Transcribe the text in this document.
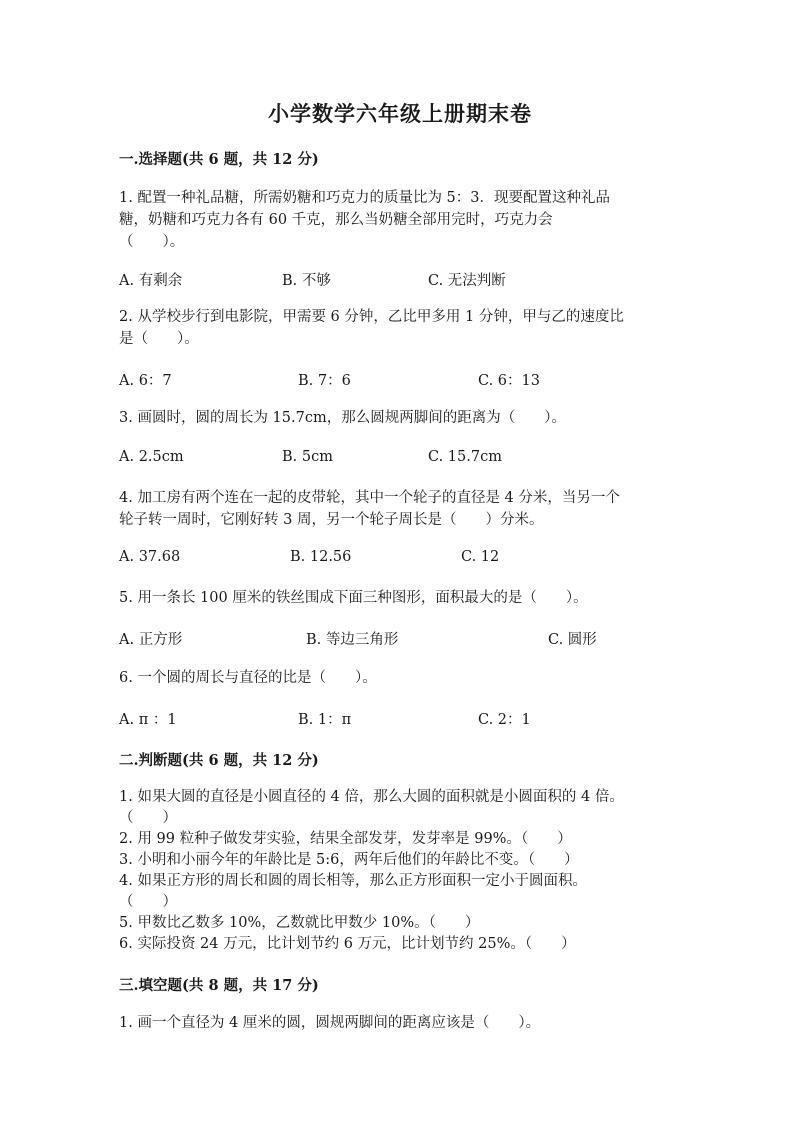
小学数学六年级上册期末卷
一.选择题(共 6 题，共 12 分)
1. 配置一种礼品糖，所需奶糖和巧克力的质量比为 5：3．现要配置这种礼品
糖，奶糖和巧克力各有 60 千克，那么当奶糖全部用完时，巧克力会
（　　）。
A. 有剩余	B. 不够	C. 无法判断
2. 从学校步行到电影院，甲需要 6 分钟，乙比甲多用 1 分钟，甲与乙的速度比
是（　　）。
A. 6：7	B. 7：6	C. 6：13
3. 画圆时，圆的周长为 15.7cm，那么圆规两脚间的距离为（　　）。
A. 2.5cm	B. 5cm	C. 15.7cm
4. 加工房有两个连在一起的皮带轮，其中一个轮子的直径是 4 分米，当另一个
轮子转一周时，它刚好转 3 周，另一个轮子周长是（　　）分米。
A. 37.68	B. 12.56	C. 12
5. 用一条长 100 厘米的铁丝围成下面三种图形，面积最大的是（　　）。
A. 正方形	B. 等边三角形	C. 圆形
6. 一个圆的周长与直径的比是（　　）。
A. π ：1	B. 1：π	C. 2：1
二.判断题(共 6 题，共 12 分)
1. 如果大圆的直径是小圆直径的 4 倍，那么大圆的面积就是小圆面积的 4 倍。
（　　）
2. 用 99 粒种子做发芽实验，结果全部发芽，发芽率是 99%。（　　）
3. 小明和小丽今年的年龄比是 5:6，两年后他们的年龄比不变。（　　）
4. 如果正方形的周长和圆的周长相等，那么正方形面积一定小于圆面积。
（　　）
5. 甲数比乙数多 10%，乙数就比甲数少 10%。（　　）
6. 实际投资 24 万元，比计划节约 6 万元，比计划节约 25%。（　　）
三.填空题(共 8 题，共 17 分)
1. 画一个直径为 4 厘米的圆，圆规两脚间的距离应该是（　　）。
